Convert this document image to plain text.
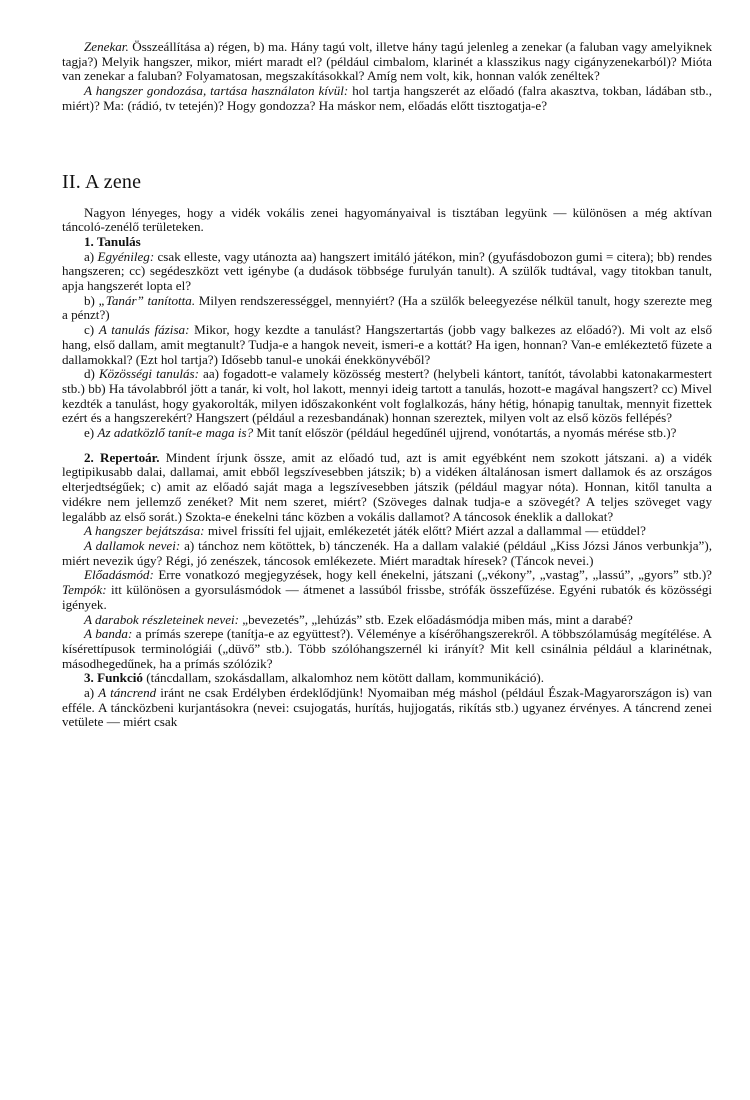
Zenekar. Összeállítása a) régen, b) ma. Hány tagú volt, illetve hány tagú jelenleg a zenekar (a faluban vagy amelyiknek tagja?) Melyik hangszer, mikor, miért maradt el? (például cimbalom, klarinét a klasszikus nagy cigányzenekarból)? Mióta van zenekar a faluban? Folyamatosan, megszakításokkal? Amíg nem volt, kik, honnan valók zenéltek?

A hangszer gondozása, tartása használaton kívül: hol tartja hangszerét az előadó (falra akasztva, tokban, ládában stb., miért)? Ma: (rádió, tv tetején)? Hogy gondozza? Ha máskor nem, előadás előtt tisztogatja-e?

II. A zene

Nagyon lényeges, hogy a vidék vokális zenei hagyományaival is tisztában legyünk — különösen a még aktívan táncoló-zenélő területeken.

1. Tanulás

a) Egyénileg: csak elleste, vagy utánozta aa) hangszert imitáló játékon, min? (gyufásdobozon gumi = citera); bb) rendes hangszeren; cc) segédeszközt vett igénybe (a dudások többsége furulyán tanult). A szülők tudtával, vagy titokban tanult, apja hangszerét lopta el?

b) „Tanár” tanította. Milyen rendszerességgel, mennyiért? (Ha a szülők beleegyezése nélkül tanult, hogy szerezte meg a pénzt?)

c) A tanulás fázisa: Mikor, hogy kezdte a tanulást? Hangszertartás (jobb vagy balkezes az előadó?). Mi volt az első hang, első dallam, amit megtanult? Tudja-e a hangok neveit, ismeri-e a kottát? Ha igen, honnan? Van-e emlékeztető füzete a dallamokkal? (Ezt hol tartja?) Idősebb tanul-e unokái énekkönyvéből?

d) Közösségi tanulás: aa) fogadott-e valamely közösség mestert? (helybeli kántort, tanítót, távolabbi katonakarmestert stb.) bb) Ha távolabbról jött a tanár, ki volt, hol lakott, mennyi ideig tartott a tanulás, hozott-e magával hangszert? cc) Mivel kezdték a tanulást, hogy gyakorolták, milyen időszakonként volt foglalkozás, hány hétig, hónapig tanultak, mennyit fizettek ezért és a hangszerekért? Hangszert (például a rezesbandának) honnan szereztek, milyen volt az első közös fellépés?

e) Az adatközlő tanít-e maga is? Mit tanít először (például hegedűnél ujjrend, vonótartás, a nyomás mérése stb.)?

2. Repertoár. Mindent írjunk össze, amit az előadó tud, azt is amit egyébként nem szokott játszani. a) a vidék legtipikusabb dalai, dallamai, amit ebből legszívesebben játszik; b) a vidéken általánosan ismert dallamok és az országos elterjedtségűek; c) amit az előadó saját maga a legszívesebben játszik (például magyar nóta). Honnan, kitől tanulta a vidékre nem jellemző zenéket? Mit nem szeret, miért? (Szöveges dalnak tudja-e a szövegét? A teljes szöveget vagy legalább az első sorát.) Szokta-e énekelni tánc közben a vokális dallamot? A táncosok éneklik a dallokat?

A hangszer bejátszása: mivel frissíti fel ujjait, emlékezetét játék előtt? Miért azzal a dallammal — etüddel?

A dallamok nevei: a) tánchoz nem kötöttek, b) tánczenék. Ha a dallam valakié (például „Kiss Józsi János verbunkja”), miért nevezik úgy? Régi, jó zenészek, táncosok emlékezete. Miért maradtak híresek? (Táncok nevei.)

Előadásmód: Erre vonatkozó megjegyzések, hogy kell énekelni, játszani („vékony”, „vastag”, „lassú”, „gyors” stb.)? Tempók: itt különösen a gyorsulásmódok — átmenet a lassúból frissbe, strófák összefűzése. Egyéni rubatók és közösségi igények.

A darabok részleteinek nevei: „bevezetés”, „lehúzás” stb. Ezek előadásmódja miben más, mint a darabé?

A banda: a prímás szerepe (tanítja-e az együttest?). Véleménye a kísérőhangszerekről. A többszólamúság megítélése. A kísérettípusok terminológiái („düvő” stb.). Több szólóhangszernél ki irányít? Mit kell csinálnia például a klarinétnak, másodhegedűnek, ha a prímás szólózik?

3. Funkció (táncdallam, szokásdallam, alkalomhoz nem kötött dallam, kommunikáció).

a) A táncrend iránt ne csak Erdélyben érdeklődjünk! Nyomaiban még máshol (például Észak-Magyarországon is) van efféle. A táncközbeni kurjantásokra (nevei: csujogatás, hurítás, hujjogatás, rikítás stb.) ugyanez érvényes. A táncrend zenei vetülete — miért csak
